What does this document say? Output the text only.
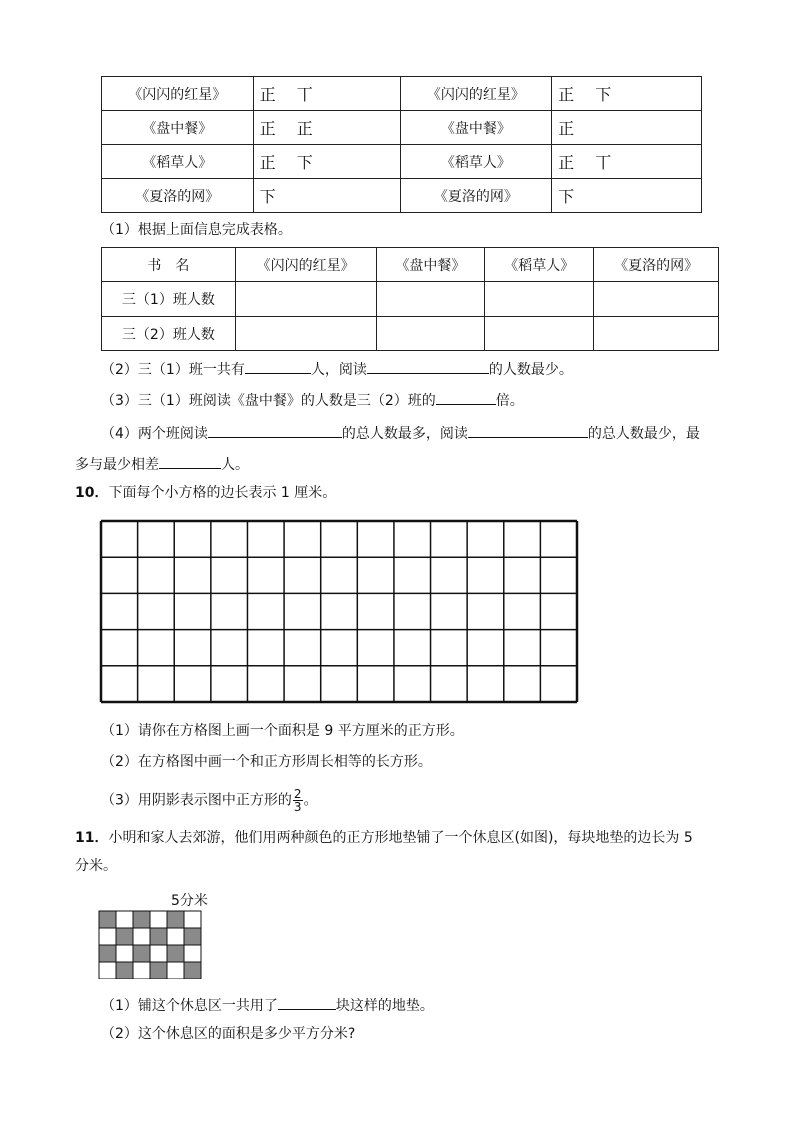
《闪闪的红星》	正 丅	《闪闪的红星》	正 下
《盘中餐》	正 正	《盘中餐》	正
《稻草人》	正 下	《稻草人》	正 丅
《夏洛的网》	下	《夏洛的网》	下
（1）根据上面信息完成表格。
书　名	《闪闪的红星》	《盘中餐》	《稻草人》	《夏洛的网》
三（1）班人数				
三（2）班人数				
（2）三（1）班一共有	人，阅读	的人数最少。
（3）三（1）班阅读《盘中餐》的人数是三（2）班的	倍。
（4）两个班阅读	的总人数最多，阅读	的总人数最少，最
多与最少相差	人。
10．下面每个小方格的边长表示 1 厘米。
（1）请你在方格图上画一个面积是 9 平方厘米的正方形。
（2）在方格图中画一个和正方形周长相等的长方形。
（3）用阴影表示图中正方形的 $\frac{2}{3}$ 。
11．小明和家人去郊游，他们用两种颜色的正方形地垫铺了一个休息区(如图)，每块地垫的边长为 5
分米。
5分米
（1）铺这个休息区一共用了	块这样的地垫。
（2）这个休息区的面积是多少平方分米?
